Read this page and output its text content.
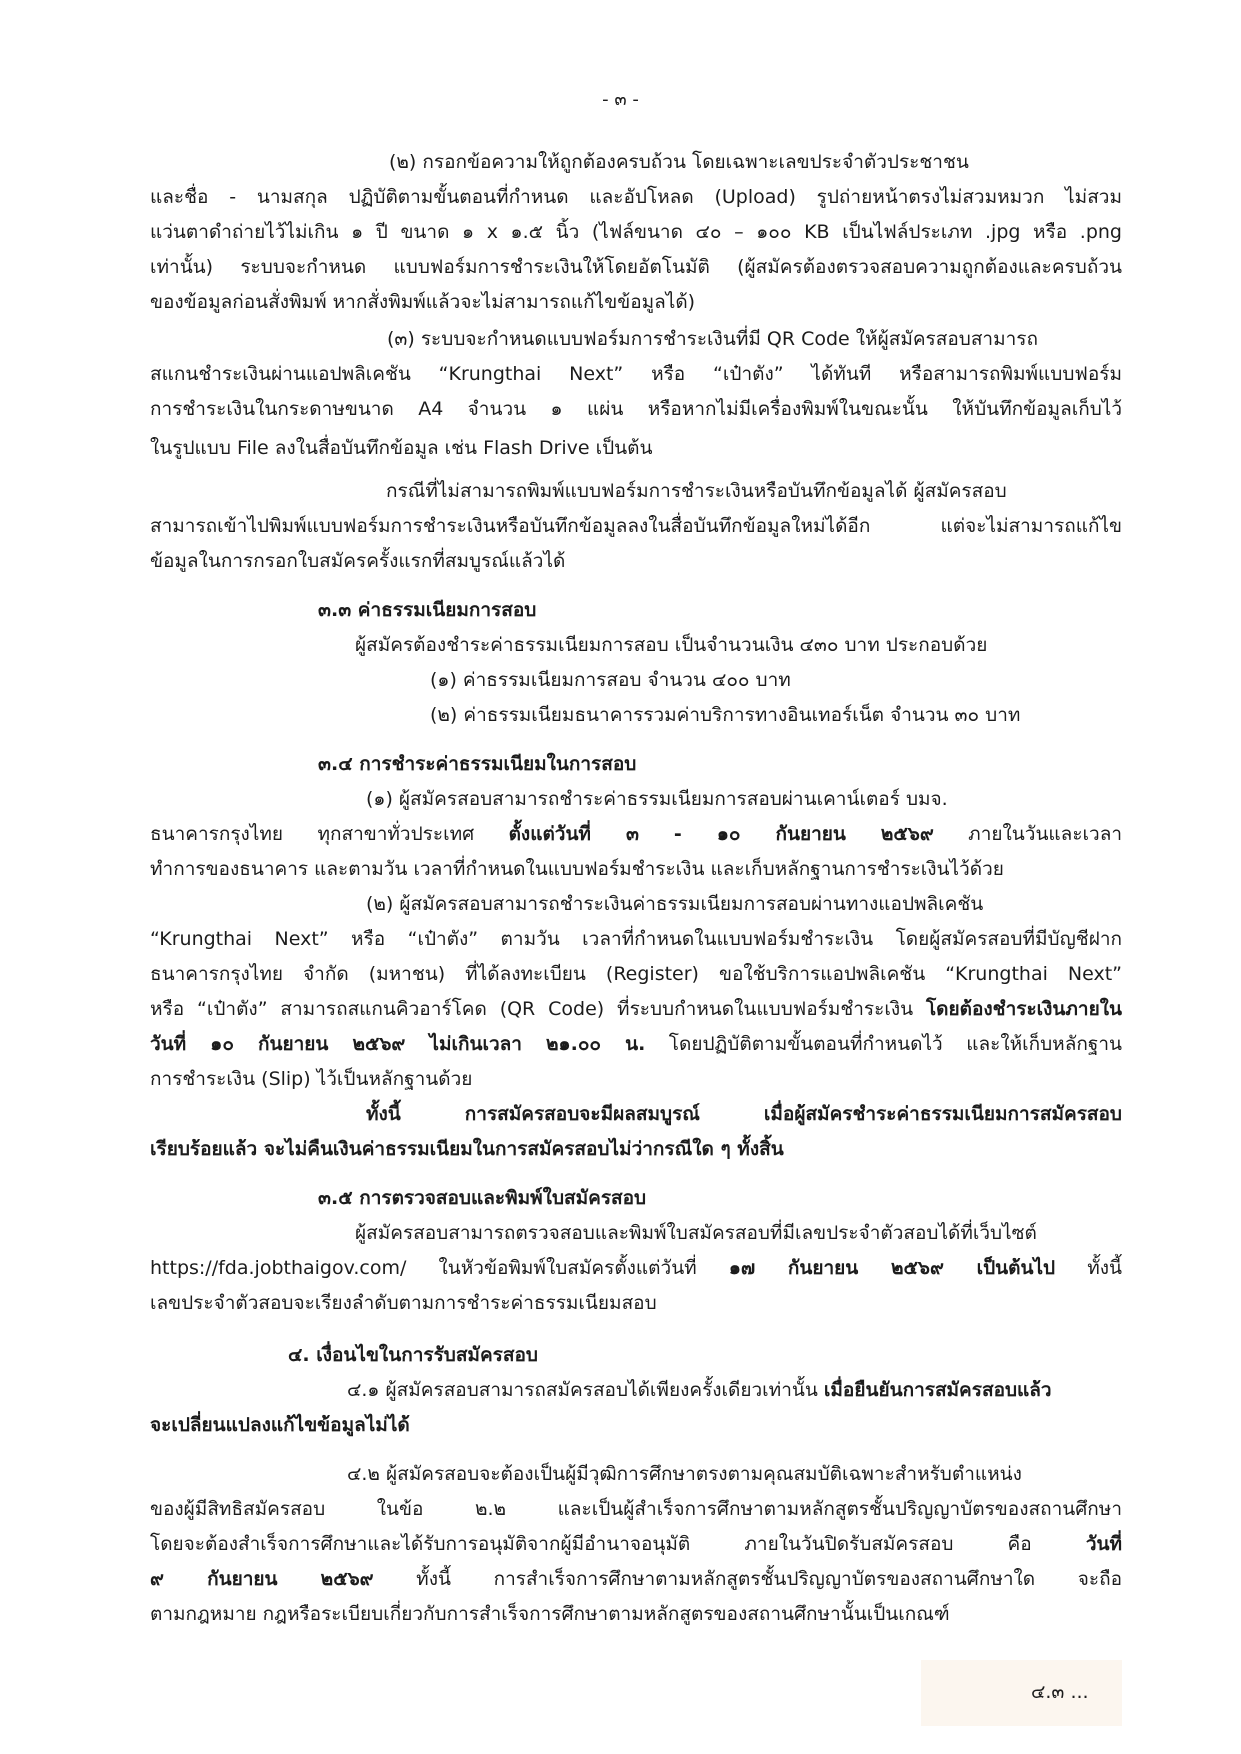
- ๓ -
(๒) กรอกข้อความให้ถูกต้องครบถ้วน โดยเฉพาะเลขประจำตัวประชาชน
และชื่อ - นามสกุล ปฏิบัติตามขั้นตอนที่กำหนด และอัปโหลด (Upload) รูปถ่ายหน้าตรงไม่สวมหมวก ไม่สวม
แว่นตาดำถ่ายไว้ไม่เกิน ๑ ปี ขนาด ๑ x ๑.๕ นิ้ว (ไฟล์ขนาด ๔๐ – ๑๐๐ KB เป็นไฟล์ประเภท .jpg หรือ .png
เท่านั้น) ระบบจะกำหนด แบบฟอร์มการชำระเงินให้โดยอัตโนมัติ (ผู้สมัครต้องตรวจสอบความถูกต้องและครบถ้วน
ของข้อมูลก่อนสั่งพิมพ์ หากสั่งพิมพ์แล้วจะไม่สามารถแก้ไขข้อมูลได้)
(๓) ระบบจะกำหนดแบบฟอร์มการชำระเงินที่มี QR Code ให้ผู้สมัครสอบสามารถ
สแกนชำระเงินผ่านแอปพลิเคชัน “Krungthai Next” หรือ “เป๋าตัง” ได้ทันที หรือสามารถพิมพ์แบบฟอร์ม
การชำระเงินในกระดาษขนาด A4 จำนวน ๑ แผ่น หรือหากไม่มีเครื่องพิมพ์ในขณะนั้น ให้บันทึกข้อมูลเก็บไว้
ในรูปแบบ File ลงในสื่อบันทึกข้อมูล เช่น Flash Drive เป็นต้น
กรณีที่ไม่สามารถพิมพ์แบบฟอร์มการชำระเงินหรือบันทึกข้อมูลได้ ผู้สมัครสอบ
สามารถเข้าไปพิมพ์แบบฟอร์มการชำระเงินหรือบันทึกข้อมูลลงในสื่อบันทึกข้อมูลใหม่ได้อีก แต่จะไม่สามารถแก้ไข
ข้อมูลในการกรอกใบสมัครครั้งแรกที่สมบูรณ์แล้วได้
๓.๓ ค่าธรรมเนียมการสอบ
ผู้สมัครต้องชำระค่าธรรมเนียมการสอบ เป็นจำนวนเงิน ๔๓๐ บาท ประกอบด้วย
(๑) ค่าธรรมเนียมการสอบ จำนวน ๔๐๐ บาท
(๒) ค่าธรรมเนียมธนาคารรวมค่าบริการทางอินเทอร์เน็ต จำนวน ๓๐ บาท
๓.๔ การชำระค่าธรรมเนียมในการสอบ
(๑) ผู้สมัครสอบสามารถชำระค่าธรรมเนียมการสอบผ่านเคาน์เตอร์ บมจ.
ธนาคารกรุงไทย ทุกสาขาทั่วประเทศ ตั้งแต่วันที่ ๓ - ๑๐ กันยายน ๒๕๖๙ ภายในวันและเวลา
ทำการของธนาคาร และตามวัน เวลาที่กำหนดในแบบฟอร์มชำระเงิน และเก็บหลักฐานการชำระเงินไว้ด้วย
(๒) ผู้สมัครสอบสามารถชำระเงินค่าธรรมเนียมการสอบผ่านทางแอปพลิเคชัน
“Krungthai Next” หรือ “เป๋าตัง” ตามวัน เวลาที่กำหนดในแบบฟอร์มชำระเงิน โดยผู้สมัครสอบที่มีบัญชีฝาก
ธนาคารกรุงไทย จำกัด (มหาชน) ที่ได้ลงทะเบียน (Register) ขอใช้บริการแอปพลิเคชัน “Krungthai Next”
หรือ “เป๋าตัง” สามารถสแกนคิวอาร์โคด (QR Code) ที่ระบบกำหนดในแบบฟอร์มชำระเงิน โดยต้องชำระเงินภายใน
วันที่ ๑๐ กันยายน ๒๕๖๙ ไม่เกินเวลา ๒๑.๐๐ น. โดยปฏิบัติตามขั้นตอนที่กำหนดไว้ และให้เก็บหลักฐาน
การชำระเงิน (Slip) ไว้เป็นหลักฐานด้วย
ทั้งนี้ การสมัครสอบจะมีผลสมบูรณ์ เมื่อผู้สมัครชำระค่าธรรมเนียมการสมัครสอบ
เรียบร้อยแล้ว จะไม่คืนเงินค่าธรรมเนียมในการสมัครสอบไม่ว่ากรณีใด ๆ ทั้งสิ้น
๓.๕ การตรวจสอบและพิมพ์ใบสมัครสอบ
ผู้สมัครสอบสามารถตรวจสอบและพิมพ์ใบสมัครสอบที่มีเลขประจำตัวสอบได้ที่เว็บไซต์
https://fda.jobthaigov.com/ ในหัวข้อพิมพ์ใบสมัครตั้งแต่วันที่ ๑๗ กันยายน ๒๕๖๙ เป็นต้นไป ทั้งนี้
เลขประจำตัวสอบจะเรียงลำดับตามการชำระค่าธรรมเนียมสอบ
๔. เงื่อนไขในการรับสมัครสอบ
๔.๑ ผู้สมัครสอบสามารถสมัครสอบได้เพียงครั้งเดียวเท่านั้น เมื่อยืนยันการสมัครสอบแล้ว
จะเปลี่ยนแปลงแก้ไขข้อมูลไม่ได้
๔.๒ ผู้สมัครสอบจะต้องเป็นผู้มีวุฒิการศึกษาตรงตามคุณสมบัติเฉพาะสำหรับตำแหน่ง
ของผู้มีสิทธิสมัครสอบ ในข้อ ๒.๒ และเป็นผู้สำเร็จการศึกษาตามหลักสูตรชั้นปริญญาบัตรของสถานศึกษา
โดยจะต้องสำเร็จการศึกษาและได้รับการอนุมัติจากผู้มีอำนาจอนุมัติ ภายในวันปิดรับสมัครสอบ คือ วันที่
๙ กันยายน ๒๕๖๙ ทั้งนี้ การสำเร็จการศึกษาตามหลักสูตรชั้นปริญญาบัตรของสถานศึกษาใด จะถือ
ตามกฎหมาย กฎหรือระเบียบเกี่ยวกับการสำเร็จการศึกษาตามหลักสูตรของสถานศึกษานั้นเป็นเกณฑ์
๔.๓ ...
